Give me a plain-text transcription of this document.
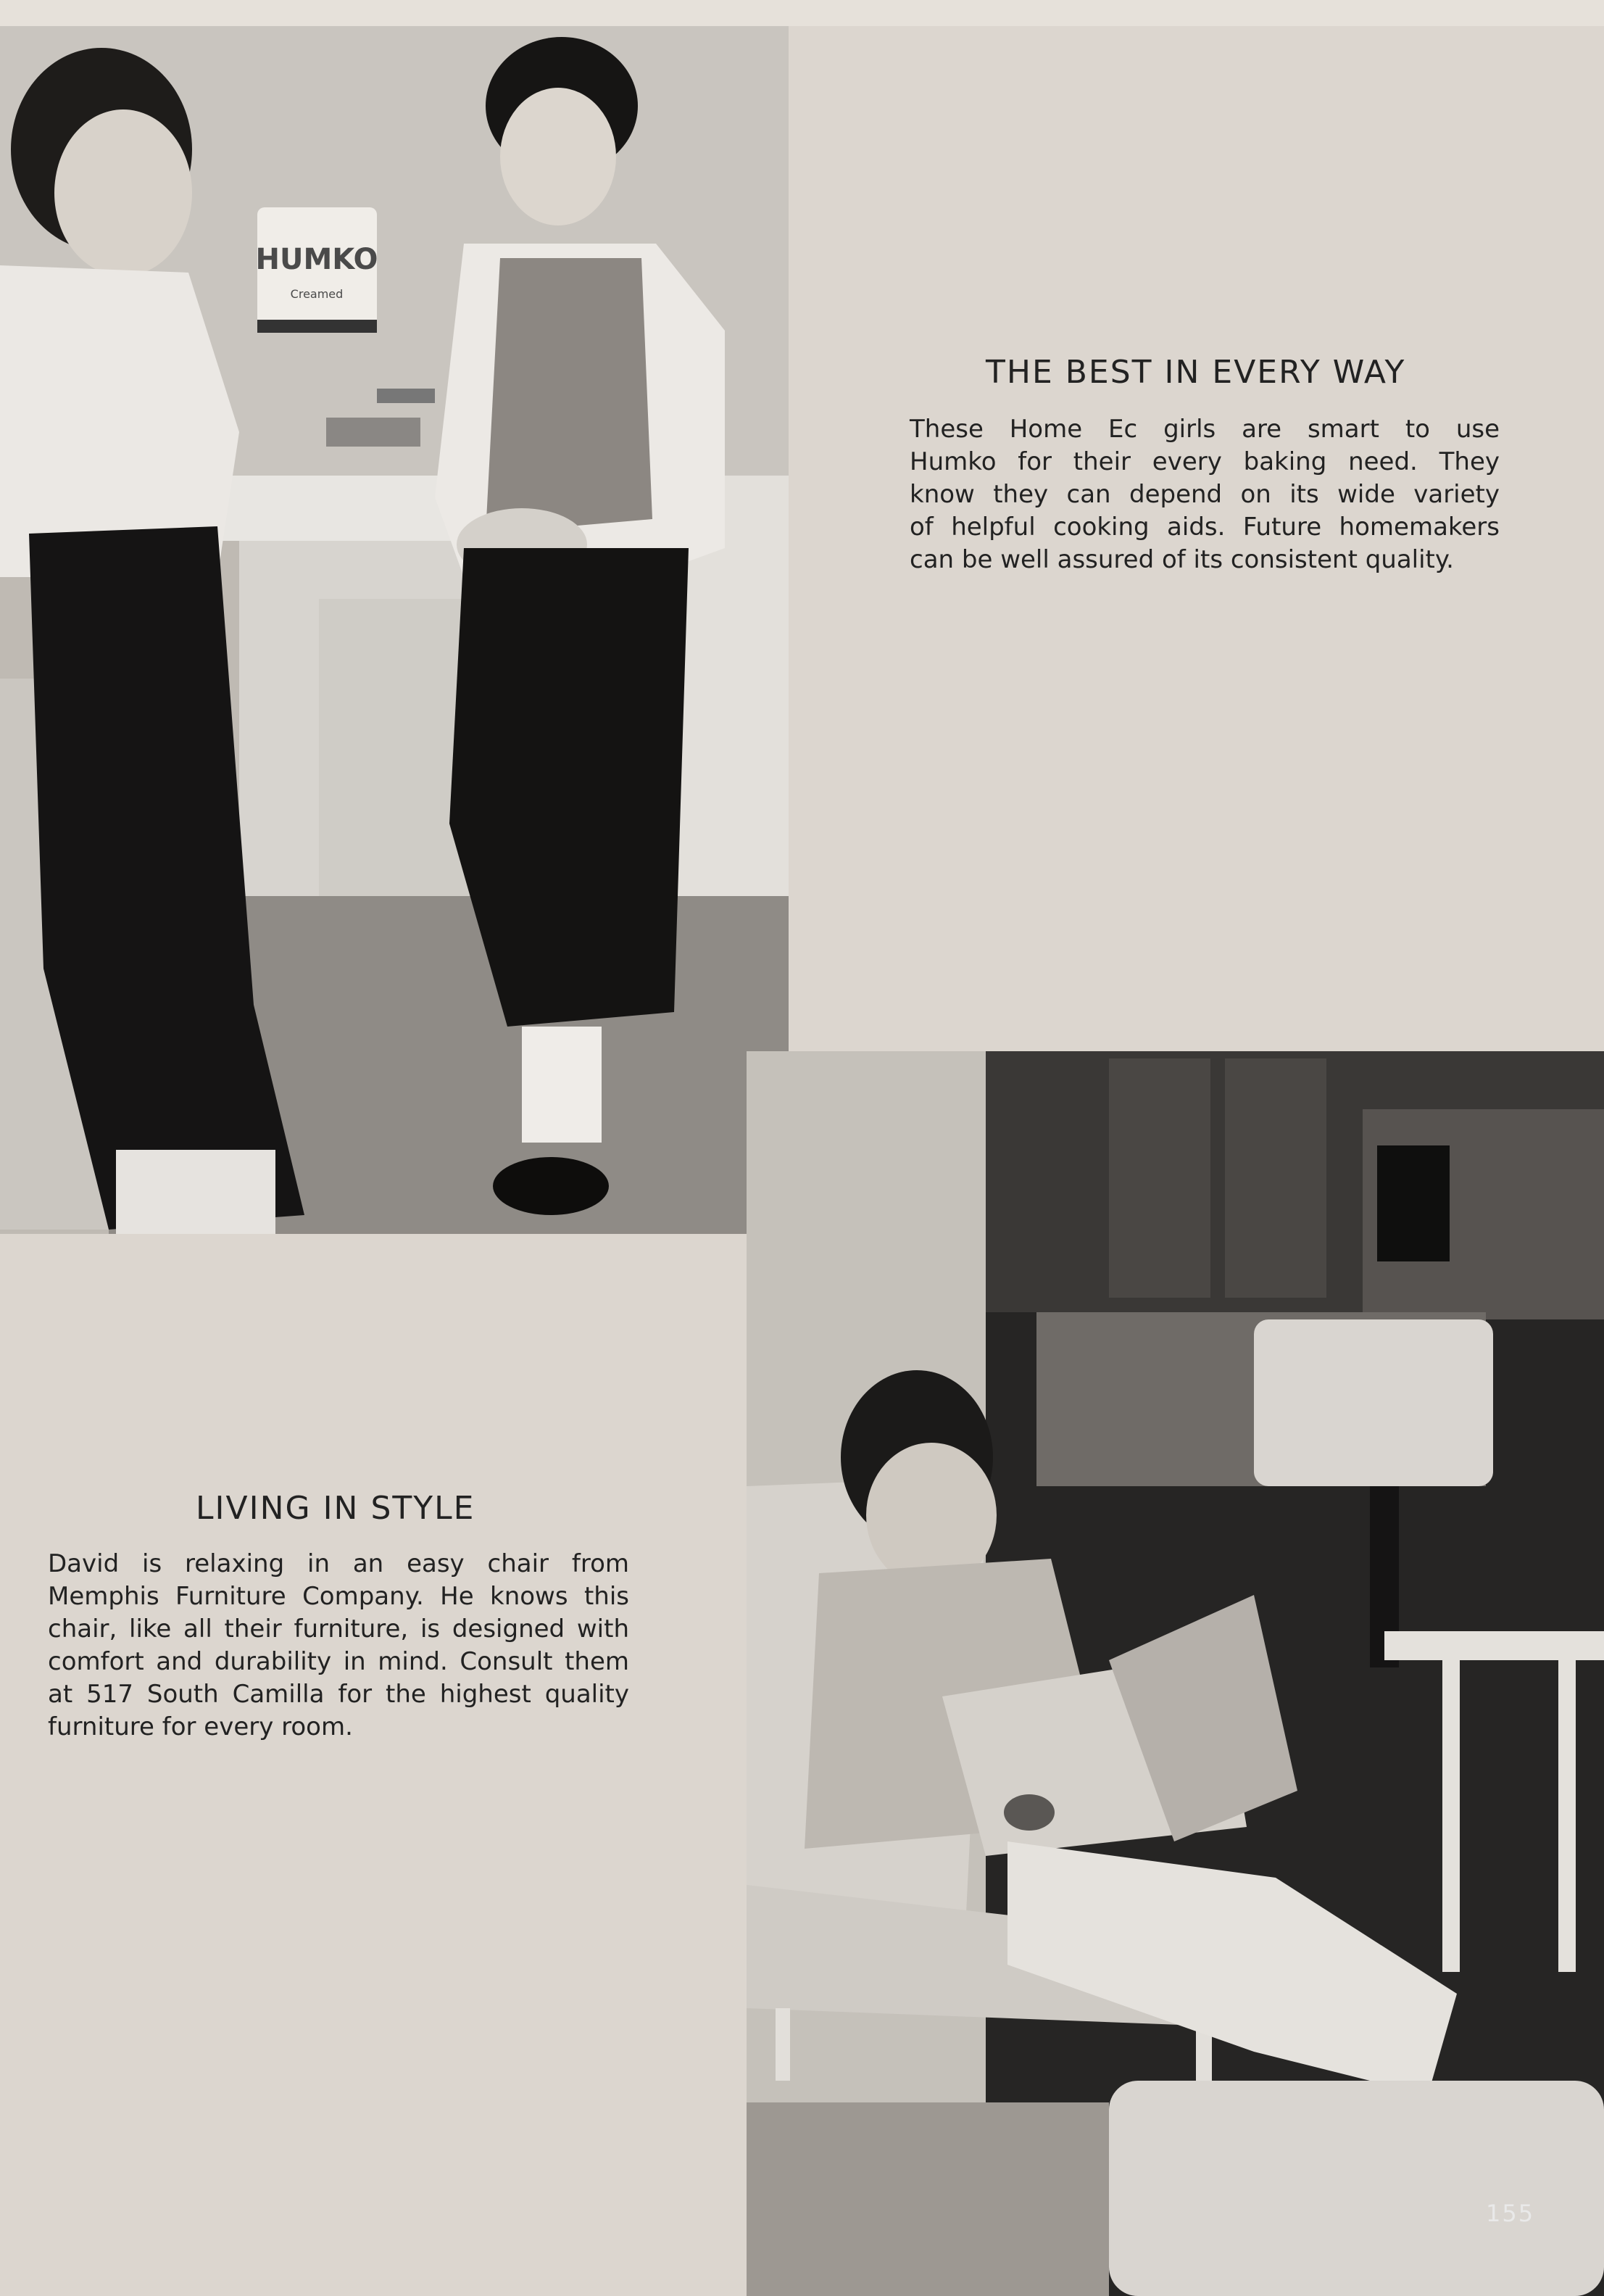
HUMKO
Creamed
THE BEST IN EVERY WAY
These Home Ec girls are smart to use
Humko for their every baking need. They
know they can depend on its wide variety
of helpful cooking aids. Future homemakers
can be well assured of its consistent quality.
LIVING IN STYLE
David is relaxing in an easy chair from
Memphis Furniture Company. He knows this
chair, like all their furniture, is designed with
comfort and durability in mind. Consult them
at 517 South Camilla for the highest quality
furniture for every room.
155
